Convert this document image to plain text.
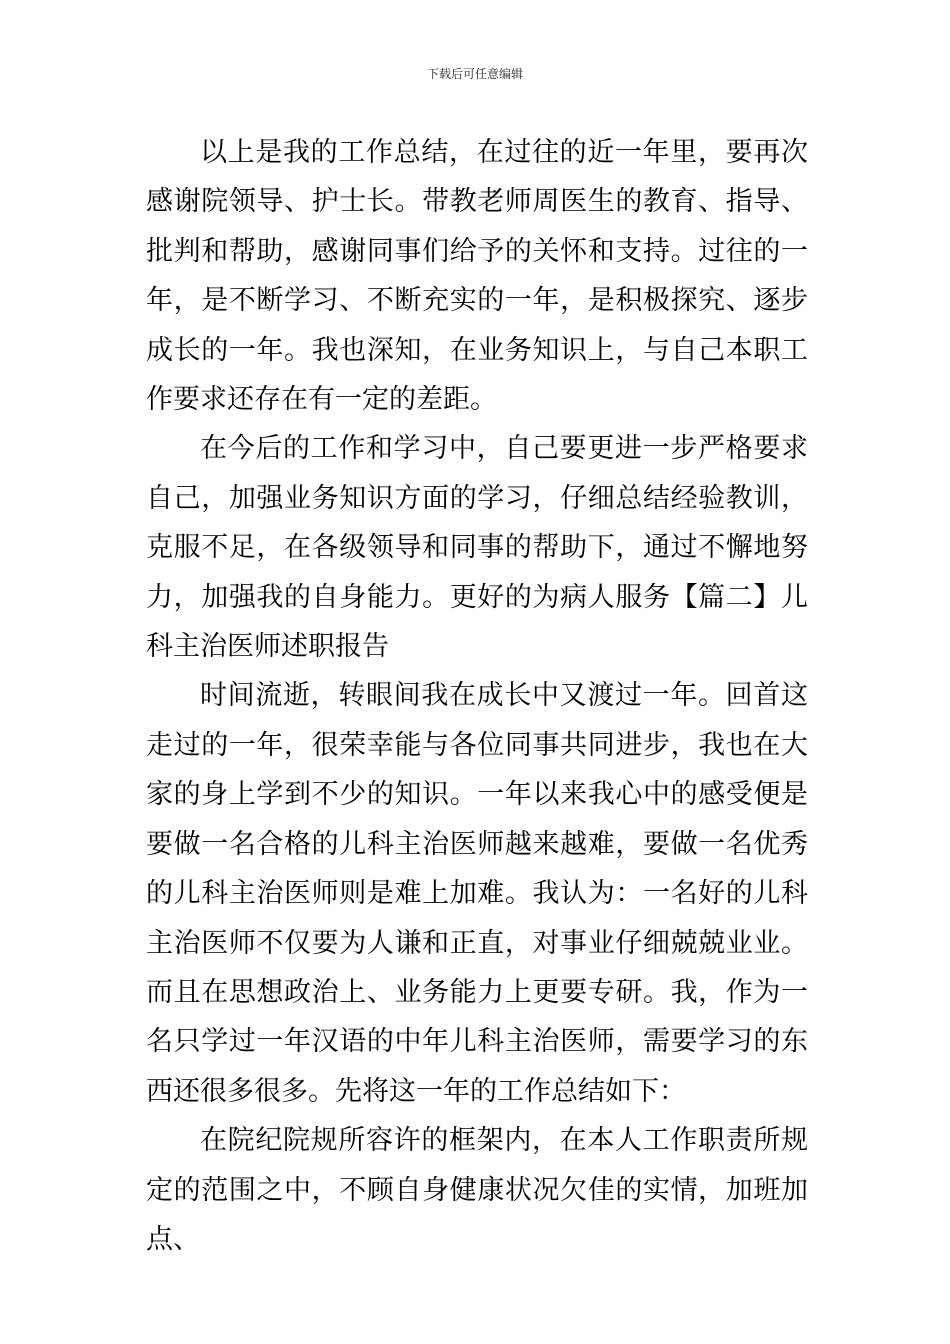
下载后可任意编辑

以上是我的工作总结，在过往的近一年里，要再次感谢院领导、护士长。带教老师周医生的教育、指导、批判和帮助，感谢同事们给予的关怀和支持。过往的一年，是不断学习、不断充实的一年，是积极探究、逐步成长的一年。我也深知，在业务知识上，与自己本职工作要求还存在有一定的差距。

在今后的工作和学习中，自己要更进一步严格要求自己，加强业务知识方面的学习，仔细总结经验教训，克服不足，在各级领导和同事的帮助下，通过不懈地努力，加强我的自身能力。更好的为病人服务【篇二】儿科主治医师述职报告

时间流逝，转眼间我在成长中又渡过一年。回首这走过的一年，很荣幸能与各位同事共同进步，我也在大家的身上学到不少的知识。一年以来我心中的感受便是要做一名合格的儿科主治医师越来越难，要做一名优秀的儿科主治医师则是难上加难。我认为：一名好的儿科主治医师不仅要为人谦和正直，对事业仔细兢兢业业。而且在思想政治上、业务能力上更要专研。我，作为一名只学过一年汉语的中年儿科主治医师，需要学习的东西还很多很多。先将这一年的工作总结如下：

在院纪院规所容许的框架内，在本人工作职责所规定的范围之中，不顾自身健康状况欠佳的实情，加班加点、
